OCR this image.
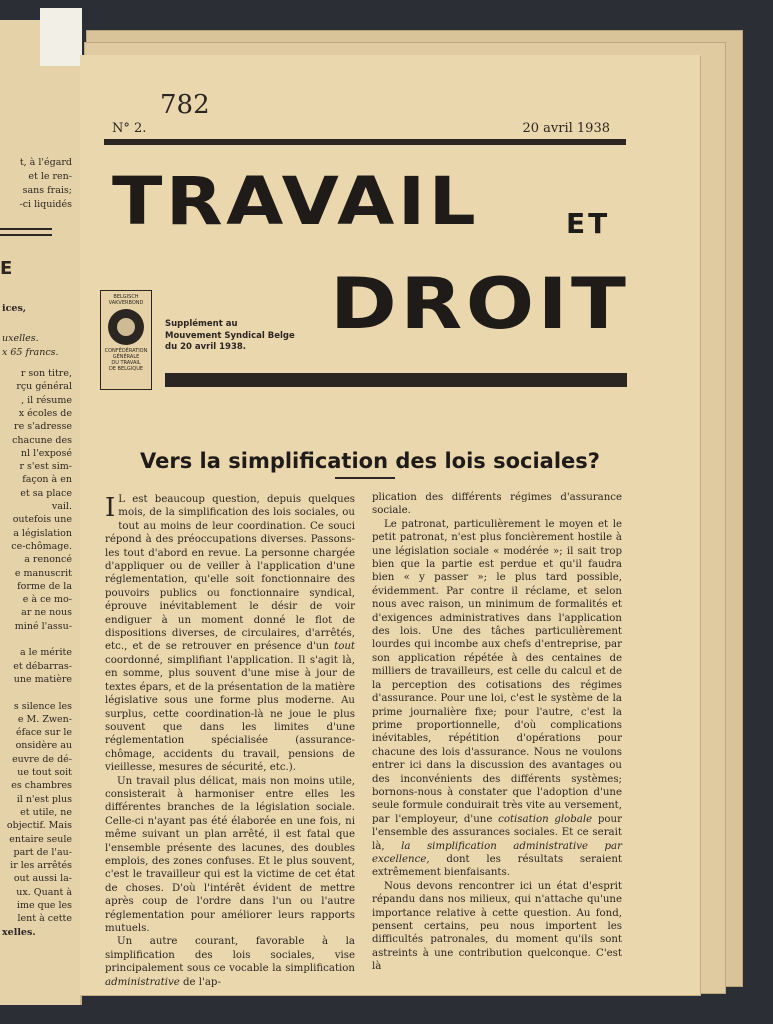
t, à l'égard
et le ren-
sans frais;
-ci liquidés
E
ices,
uxelles.
x 65 francs.
r son titre,
rçu général
, il résume
x écoles de
re s'adresse
chacune des
nl l'exposé
r s'est sim-
façon à en
et sa place
vail.
outefois une
a législation
ce-chômage.
a renoncé
e manuscrit
forme de la
e à ce mo-
ar ne nous
miné l'assu-
a le mérite
et débarras-
une matière
s silence les
e M. Zwen-
éface sur le
onsidère au
euvre de dé-
ue tout soit
es chambres
il n'est plus
et utile, ne
objectif. Mais
entaire seule
part de l'au-
ir les arrêtés
out aussi la-
ux. Quant à
ime que les
lent à cette
xelles.
782
N° 2.	20 avril 1938
TRAVAIL	ET
DROIT
BELGISCH
VAKVERBOND
CONFÉDÉRATION
GÉNÉRALE
DU TRAVAIL
DE BELGIQUE
Supplément au
Mouvement Syndical Belge
du 20 avril 1938.
Vers la simplification des lois sociales?

I L est beaucoup question, depuis quelques mois, de la simplification des lois sociales, ou tout au moins de leur coordination. Ce souci répond à des préoccupations diverses. Passons-les tout d'abord en revue. La personne chargée d'appliquer ou de veiller à l'application d'une réglementation, qu'elle soit fonctionnaire des pouvoirs publics ou fonctionnaire syndical, éprouve inévitablement le désir de voir endiguer à un moment donné le flot de dispositions diverses, de circulaires, d'arrêtés, etc., et de se retrouver en présence d'un tout coordonné, simplifiant l'application. Il s'agit là, en somme, plus souvent d'une mise à jour de textes épars, et de la présentation de la matière législative sous une forme plus moderne. Au surplus, cette coordination-là ne joue le plus souvent que dans les limites d'une réglementation spécialisée (assurance-chômage, accidents du travail, pensions de vieillesse, mesures de sécurité, etc.).

Un travail plus délicat, mais non moins utile, consisterait à harmoniser entre elles les différentes branches de la législation sociale. Celle-ci n'ayant pas été élaborée en une fois, ni même suivant un plan arrêté, il est fatal que l'ensemble présente des lacunes, des doubles emplois, des zones confuses. Et le plus souvent, c'est le travailleur qui est la victime de cet état de choses. D'où l'intérêt évident de mettre après coup de l'ordre dans l'un ou l'autre réglementation pour améliorer leurs rapports mutuels.

Un autre courant, favorable à la simplification des lois sociales, vise principalement sous ce vocable la simplification administrative de l'ap-

plication des différents régimes d'assurance sociale.

Le patronat, particulièrement le moyen et le petit patronat, n'est plus foncièrement hostile à une législation sociale « modérée »; il sait trop bien que la partie est perdue et qu'il faudra bien « y passer »; le plus tard possible, évidemment. Par contre il réclame, et selon nous avec raison, un minimum de formalités et d'exigences administratives dans l'application des lois. Une des tâches particulièrement lourdes qui incombe aux chefs d'entreprise, par son application répétée à des centaines de milliers de travailleurs, est celle du calcul et de la perception des cotisations des régimes d'assurance. Pour une loi, c'est le système de la prime journalière fixe; pour l'autre, c'est la prime proportionnelle, d'où complications inévitables, répétition d'opérations pour chacune des lois d'assurance. Nous ne voulons entrer ici dans la discussion des avantages ou des inconvénients des différents systèmes; bornons-nous à constater que l'adoption d'une seule formule conduirait très vite au versement, par l'employeur, d'une cotisation globale pour l'ensemble des assurances sociales. Et ce serait là, la simplification administrative par excellence, dont les résultats seraient extrêmement bienfaisants.

Nous devons rencontrer ici un état d'esprit répandu dans nos milieux, qui n'attache qu'une importance relative à cette question. Au fond, pensent certains, peu nous importent les difficultés patronales, du moment qu'ils sont astreints à une contribution quelconque. C'est là
